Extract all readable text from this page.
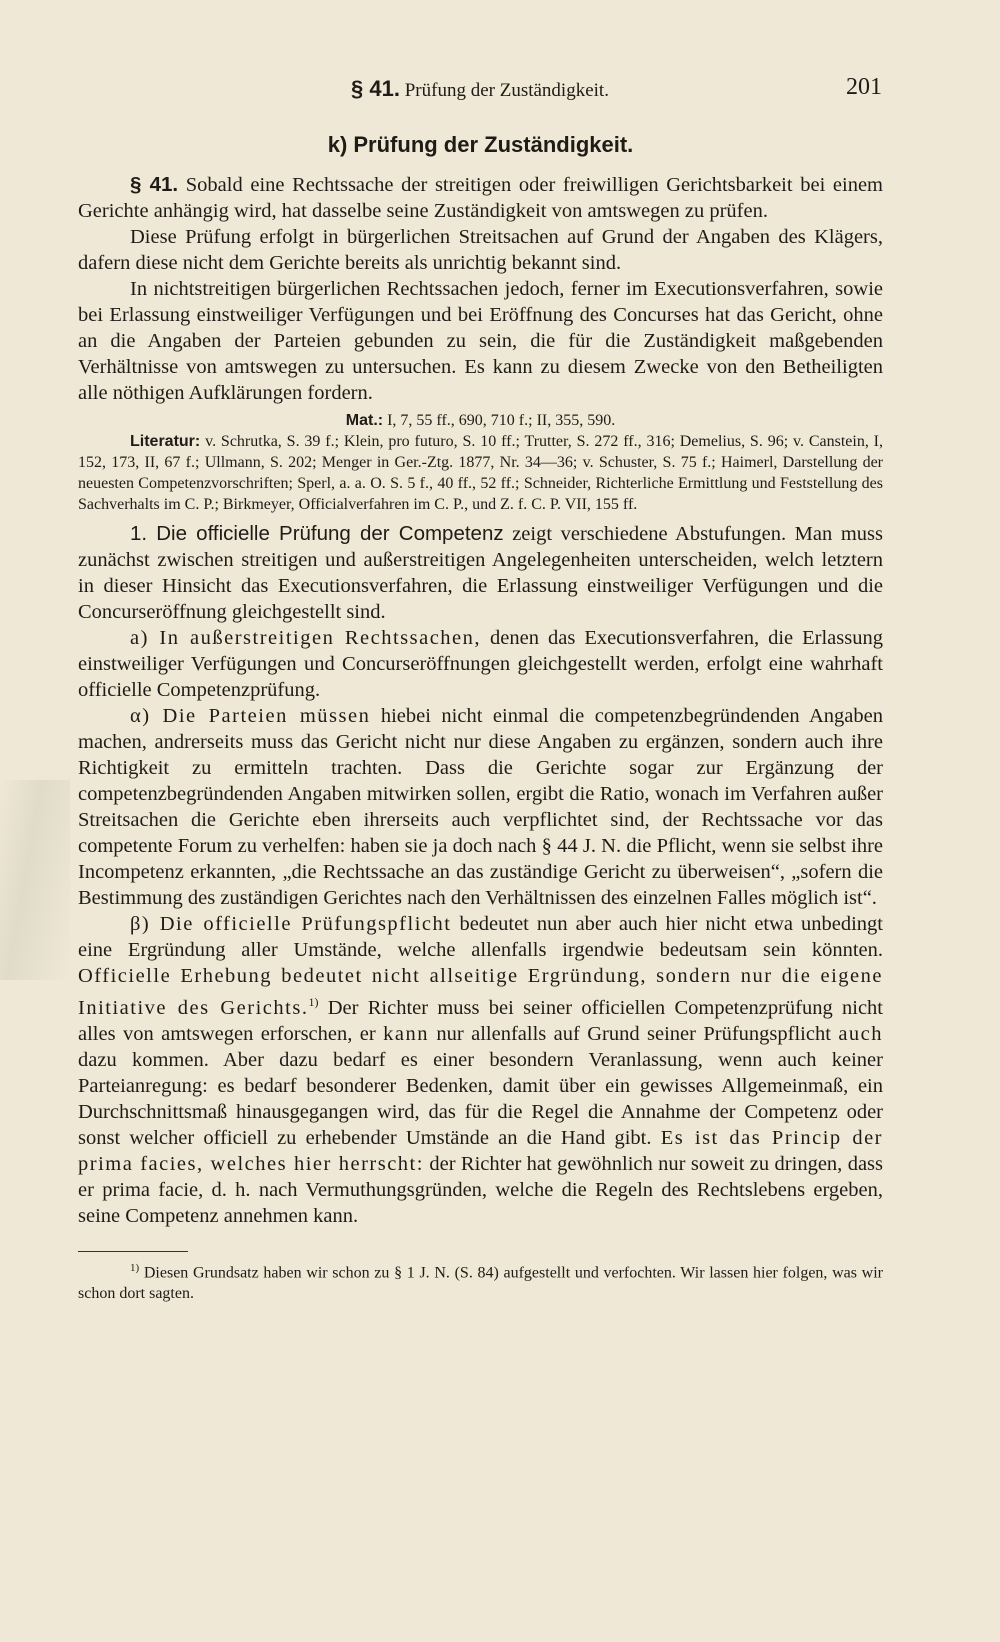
§ 41. Prüfung der Zuständigkeit.	201
k) Prüfung der Zuständigkeit.

§ 41. Sobald eine Rechtssache der streitigen oder freiwilligen Gerichtsbarkeit bei einem Gerichte anhängig wird, hat dasselbe seine Zuständigkeit von amtswegen zu prüfen.

Diese Prüfung erfolgt in bürgerlichen Streitsachen auf Grund der Angaben des Klägers, dafern diese nicht dem Gerichte bereits als unrichtig bekannt sind.

In nichtstreitigen bürgerlichen Rechtssachen jedoch, ferner im Executionsverfahren, sowie bei Erlassung einstweiliger Verfügungen und bei Eröffnung des Concurses hat das Gericht, ohne an die Angaben der Parteien gebunden zu sein, die für die Zuständigkeit maßgebenden Verhältnisse von amtswegen zu untersuchen. Es kann zu diesem Zwecke von den Betheiligten alle nöthigen Aufklärungen fordern.

Mat.: I, 7, 55 ff., 690, 710 f.; II, 355, 590.

Literatur: v. Schrutka, S. 39 f.; Klein, pro futuro, S. 10 ff.; Trutter, S. 272 ff., 316; Demelius, S. 96; v. Canstein, I, 152, 173, II, 67 f.; Ullmann, S. 202; Menger in Ger.-Ztg. 1877, Nr. 34—36; v. Schuster, S. 75 f.; Haimerl, Darstellung der neuesten Competenzvorschriften; Sperl, a. a. O. S. 5 f., 40 ff., 52 ff.; Schneider, Richterliche Ermittlung und Feststellung des Sachverhalts im C. P.; Birkmeyer, Officialverfahren im C. P., und Z. f. C. P. VII, 155 ff.

1. Die officielle Prüfung der Competenz zeigt verschiedene Abstufungen. Man muss zunächst zwischen streitigen und außerstreitigen Angelegenheiten unterscheiden, welch letztern in dieser Hinsicht das Executionsverfahren, die Erlassung einstweiliger Verfügungen und die Concurseröffnung gleichgestellt sind.

a) In außerstreitigen Rechtssachen, denen das Executionsverfahren, die Erlassung einstweiliger Verfügungen und Concurseröffnungen gleichgestellt werden, erfolgt eine wahrhaft officielle Competenzprüfung.

α) Die Parteien müssen hiebei nicht einmal die competenzbegründenden Angaben machen, andrerseits muss das Gericht nicht nur diese Angaben zu ergänzen, sondern auch ihre Richtigkeit zu ermitteln trachten. Dass die Gerichte sogar zur Ergänzung der competenzbegründenden Angaben mitwirken sollen, ergibt die Ratio, wonach im Verfahren außer Streitsachen die Gerichte eben ihrerseits auch verpflichtet sind, der Rechtssache vor das competente Forum zu verhelfen: haben sie ja doch nach § 44 J. N. die Pflicht, wenn sie selbst ihre Incompetenz erkannten, „die Rechtssache an das zuständige Gericht zu überweisen“, „sofern die Bestimmung des zuständigen Gerichtes nach den Verhältnissen des einzelnen Falles möglich ist“.

β) Die officielle Prüfungspflicht bedeutet nun aber auch hier nicht etwa unbedingt eine Ergründung aller Umstände, welche allenfalls irgendwie bedeutsam sein könnten. Officielle Erhebung bedeutet nicht allseitige Ergründung, sondern nur die eigene Initiative des Gerichts.$^{1)}$ Der Richter muss bei seiner officiellen Competenzprüfung nicht alles von amtswegen erforschen, er kann nur allenfalls auf Grund seiner Prüfungspflicht auch dazu kommen. Aber dazu bedarf es einer besondern Veranlassung, wenn auch keiner Parteianregung: es bedarf besonderer Bedenken, damit über ein gewisses Allgemeinmaß, ein Durchschnittsmaß hinausgegangen wird, das für die Regel die Annahme der Competenz oder sonst welcher officiell zu erhebender Umstände an die Hand gibt. Es ist das Princip der prima facies, welches hier herrscht: der Richter hat gewöhnlich nur soweit zu dringen, dass er prima facie, d. h. nach Vermuthungsgründen, welche die Regeln des Rechtslebens ergeben, seine Competenz annehmen kann.

$^{1)}$ Diesen Grundsatz haben wir schon zu § 1 J. N. (S. 84) aufgestellt und verfochten. Wir lassen hier folgen, was wir schon dort sagten.
